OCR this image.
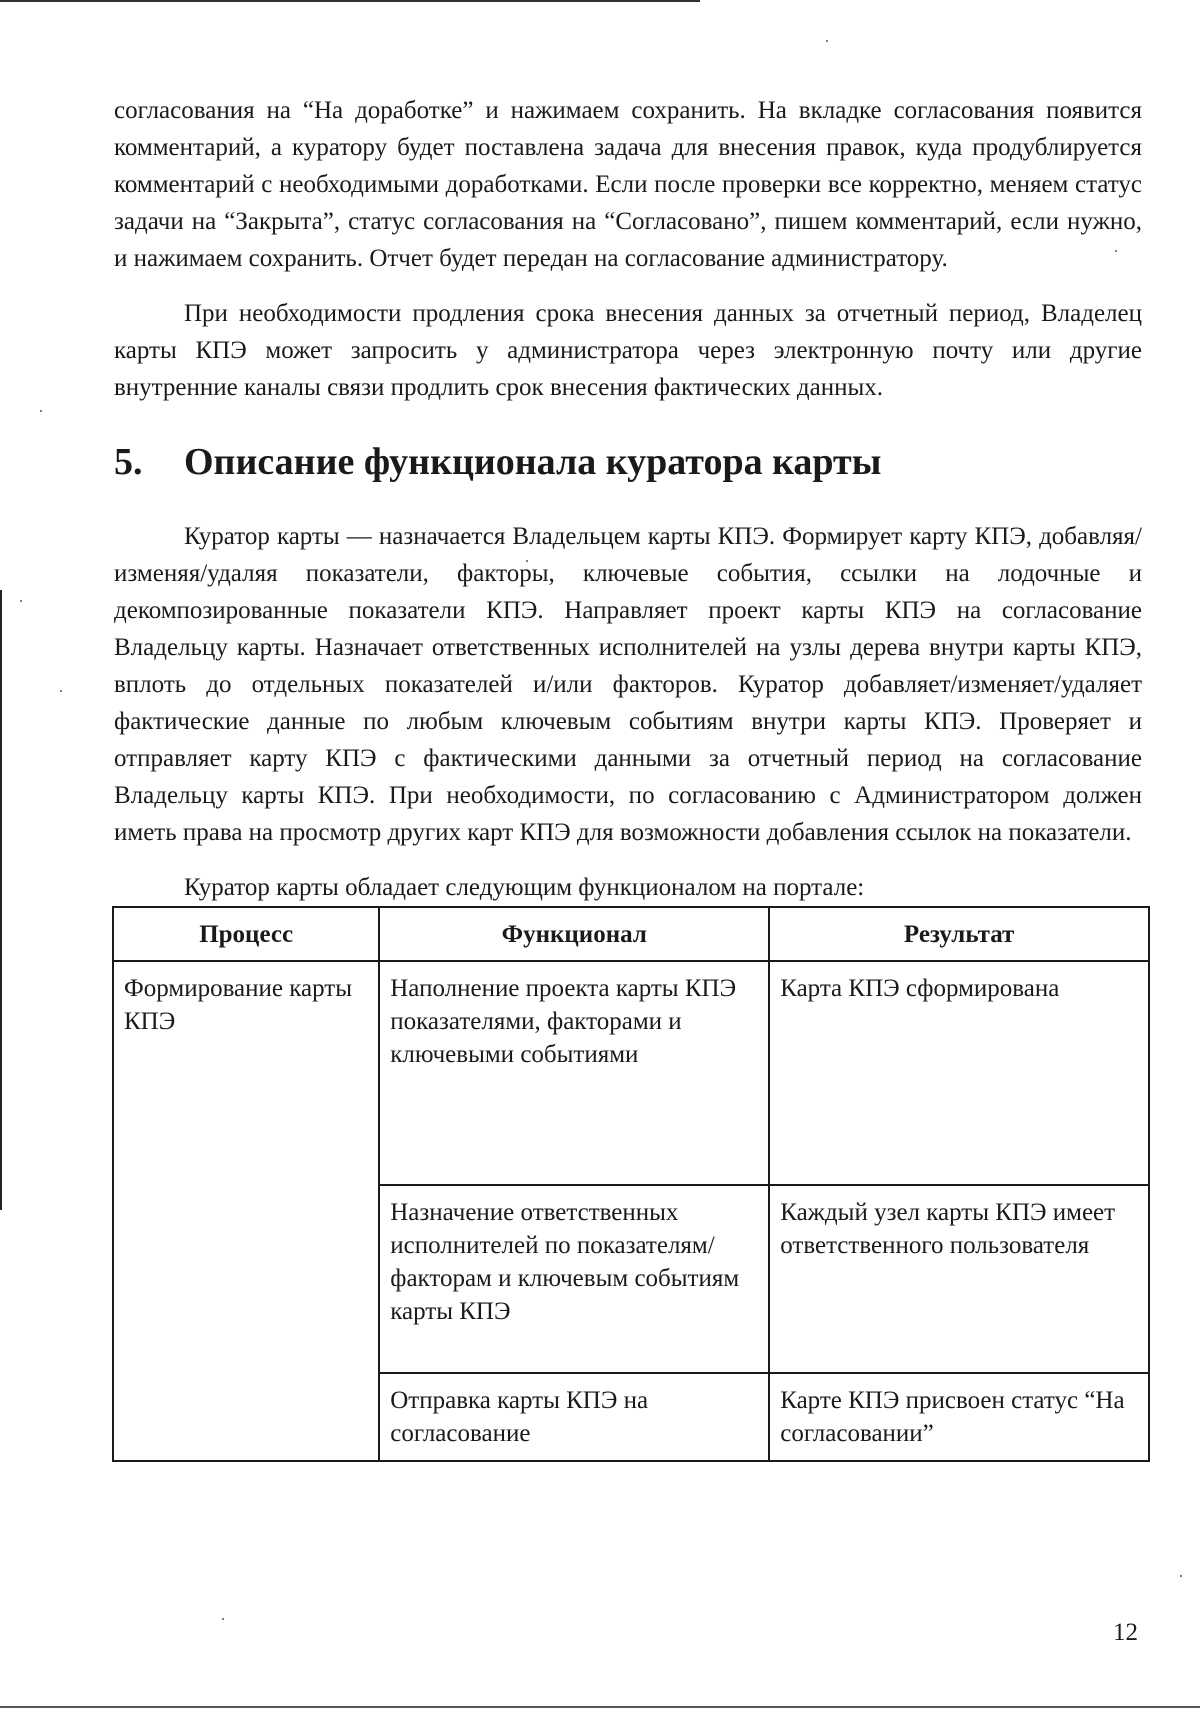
согласования на “На доработке” и нажимаем сохранить. На вкладке согласования появится комментарий, а куратору будет поставлена задача для внесения правок, куда продублируется комментарий с необходимыми доработками. Если после проверки все корректно, меняем статус задачи на “Закрыта”, статус согласования на “Согласовано”, пишем комментарий, если нужно, и нажимаем сохранить. Отчет будет передан на согласование администратору.

При необходимости продления срока внесения данных за отчетный период, Владелец карты КПЭ может запросить у администратора через электронную почту или другие внутренние каналы связи продлить срок внесения фактических данных.

5.	Описание функционала куратора карты

Куратор карты — назначается Владельцем карты КПЭ. Формирует карту КПЭ, добавляя/изменяя/удаляя показатели, факторы, ключевые события, ссылки на лодочные и декомпозированные показатели КПЭ. Направляет проект карты КПЭ на согласование Владельцу карты. Назначает ответственных исполнителей на узлы дерева внутри карты КПЭ, вплоть до отдельных показателей и/или факторов. Куратор добавляет/изменяет/удаляет фактические данные по любым ключевым событиям внутри карты КПЭ. Проверяет и отправляет карту КПЭ с фактическими данными за отчетный период на согласование Владельцу карты КПЭ. При необходимости, по согласованию с Администратором должен иметь права на просмотр других карт КПЭ для возможности добавления ссылок на показатели.

Куратор карты обладает следующим функционалом на портале:

Процесс	Функционал	Результат
Формирование карты КПЭ	Наполнение проекта карты КПЭ показателями, факторами и ключевыми событиями	Карта КПЭ сформирована
	Назначение ответственных исполнителей по показателям/факторам и ключевым событиям карты КПЭ	Каждый узел карты КПЭ имеет ответственного пользователя
	Отправка карты КПЭ на согласование	Карте КПЭ присвоен статус “На согласовании”
12
